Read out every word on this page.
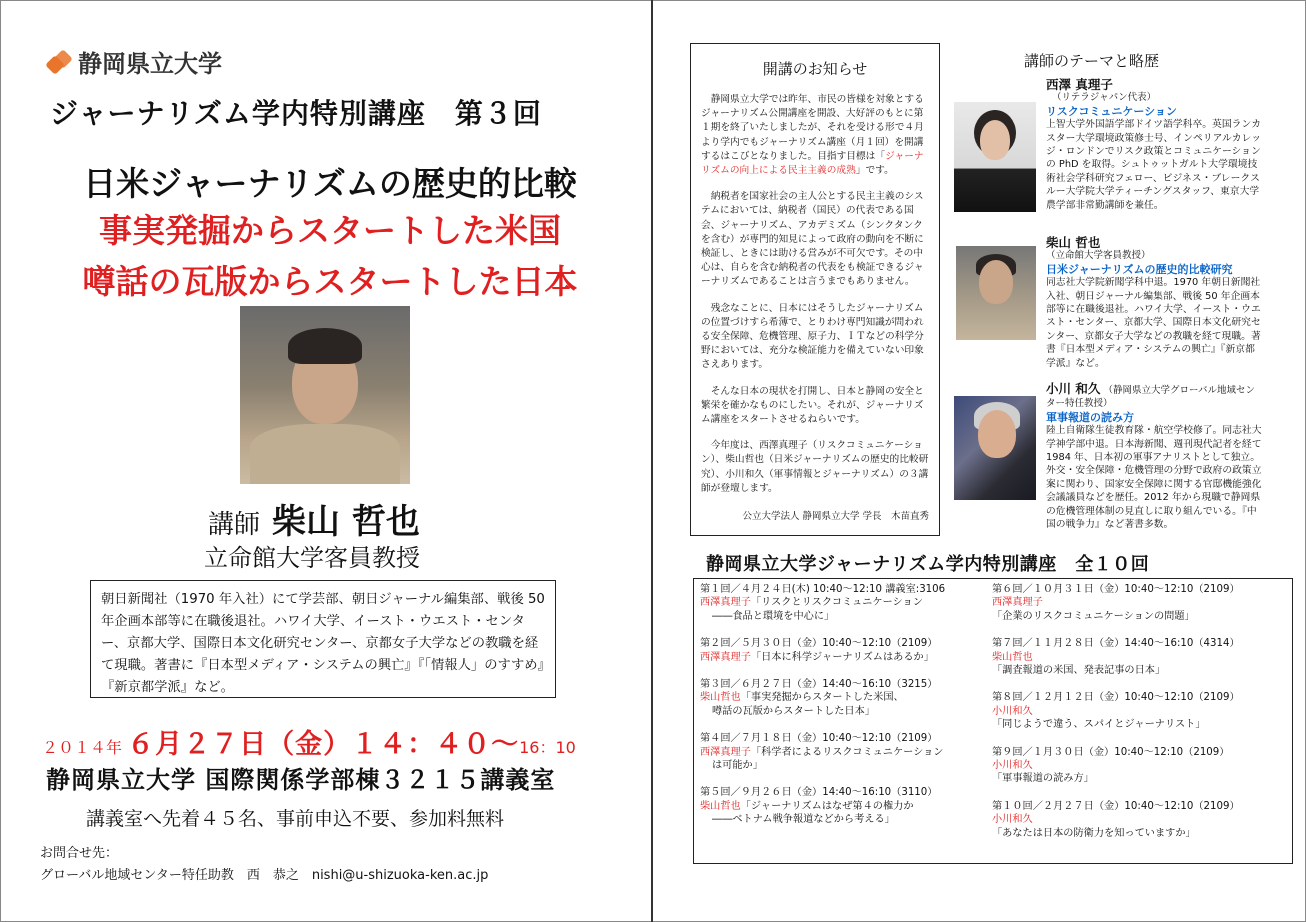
静岡県立大学
ジャーナリズム学内特別講座　第３回
日米ジャーナリズムの歴史的比較
事実発掘からスタートした米国
噂話の瓦版からスタートした日本
講師 柴山 哲也
立命館大学客員教授
朝日新聞社（1970 年入社）にて学芸部、朝日ジャーナル編集部、戦後 50 年企画本部等に在職後退社。ハワイ大学、イースト・ウエスト・センター、京都大学、国際日本文化研究センター、京都女子大学などの教職を経て現職。著書に『日本型メディア・システムの興亡』『「情報人」のすすめ』『新京都学派』など。
２０１４年 ６月２７日（金）１４：４０～16：10
静岡県立大学 国際関係学部棟３２１５講義室
講義室へ先着４５名、事前申込不要、参加料無料
お問合せ先：
グローバル地域センター特任助教　西　恭之　nishi@u-shizuoka-ken.ac.jp
開講のお知らせ

静岡県立大学では昨年、市民の皆様を対象とするジャーナリズム公開講座を開設、大好評のもとに第１期を終了いたしましたが、それを受ける形で４月より学内でもジャーナリズム講座（月１回）を開講するはこびとなりました。目指す目標は「ジャーナリズムの向上による民主主義の成熟」です。

納税者を国家社会の主人公とする民主主義のシステムにおいては、納税者（国民）の代表である国会、ジャーナリズム、アカデミズム（シンクタンクを含む）が専門的知見によって政府の動向を不断に検証し、ときには助ける営みが不可欠です。その中心は、自らを含む納税者の代表をも検証できるジャーナリズムであることは言うまでもありません。

残念なことに、日本にはそうしたジャーナリズムの位置づけすら希薄で、とりわけ専門知識が問われる安全保障、危機管理、原子力、ＩＴなどの科学分野においては、充分な検証能力を備えていない印象さえあります。

そんな日本の現状を打開し、日本と静岡の安全と繁栄を確かなものにしたい。それが、ジャーナリズム講座をスタートさせるねらいです。

今年度は、西澤真理子（リスクコミュニケーション）、柴山哲也（日米ジャーナリズムの歴史的比較研究）、小川和久（軍事情報とジャーナリズム）の３講師が登壇します。

公立大学法人 静岡県立大学 学長　木苗直秀
講師のテーマと略歴
西澤 真理子
（リテラジャパン代表）
リスクコミュニケーション
上智大学外国語学部ドイツ語学科卒。英国ランカスター大学環境政策修士号、インペリアルカレッジ・ロンドンでリスク政策とコミュニケーションの PhD を取得。シュトゥットガルト大学環境技術社会学科研究フェロー、ビジネス・ブレークスルー大学院大学ティーチングスタッフ、東京大学農学部非常勤講師を兼任。
柴山 哲也
（立命館大学客員教授）
日米ジャーナリズムの歴史的比較研究
同志社大学院新聞学科中退。1970 年朝日新聞社入社、朝日ジャーナル編集部、戦後 50 年企画本部等に在職後退社。ハワイ大学、イースト・ウエスト・センター、京都大学、国際日本文化研究センター、京都女子大学などの教職を経て現職。著書『日本型メディア・システムの興亡』『新京都学派』など。
小川 和久 （静岡県立大学グローバル地域センター特任教授）
軍事報道の読み方
陸上自衛隊生徒教育隊・航空学校修了。同志社大学神学部中退。日本海新聞、週刊現代記者を経て 1984 年、日本初の軍事アナリストとして独立。外交・安全保障・危機管理の分野で政府の政策立案に関わり、国家安全保障に関する官邸機能強化会議議員などを歴任。2012 年から現職で静岡県の危機管理体制の見直しに取り組んでいる。『中国の戦争力』など著書多数。
静岡県立大学ジャーナリズム学内特別講座　全１０回
第１回／４月２４日(木) 10:40～12:10 講義室:3106
西澤真理子「リスクとリスクコミュニケーション
――食品と環境を中心に」
第２回／５月３０日（金）10:40～12:10（2109）
西澤真理子「日本に科学ジャーナリズムはあるか」
第３回／６月２７日（金）14:40～16:10（3215）
柴山哲也「事実発掘からスタートした米国、
噂話の瓦版からスタートした日本」
第４回／７月１８日（金）10:40～12:10（2109）
西澤真理子「科学者によるリスクコミュニケーション
は可能か」
第５回／９月２６日（金）14:40～16:10（3110）
柴山哲也「ジャーナリズムはなぜ第４の権力か
――ベトナム戦争報道などから考える」
第６回／１０月３１日（金）10:40～12:10（2109）
西澤真理子
「企業のリスクコミュニケーションの問題」
第７回／１１月２８日（金）14:40～16:10（4314）
柴山哲也
「調査報道の米国、発表記事の日本」
第８回／１２月１２日（金）10:40～12:10（2109）
小川和久
「同じようで違う、スパイとジャーナリスト」
第９回／１月３０日（金）10:40～12:10（2109）
小川和久
「軍事報道の読み方」
第１０回／２月２７日（金）10:40～12:10（2109）
小川和久
「あなたは日本の防衛力を知っていますか」
